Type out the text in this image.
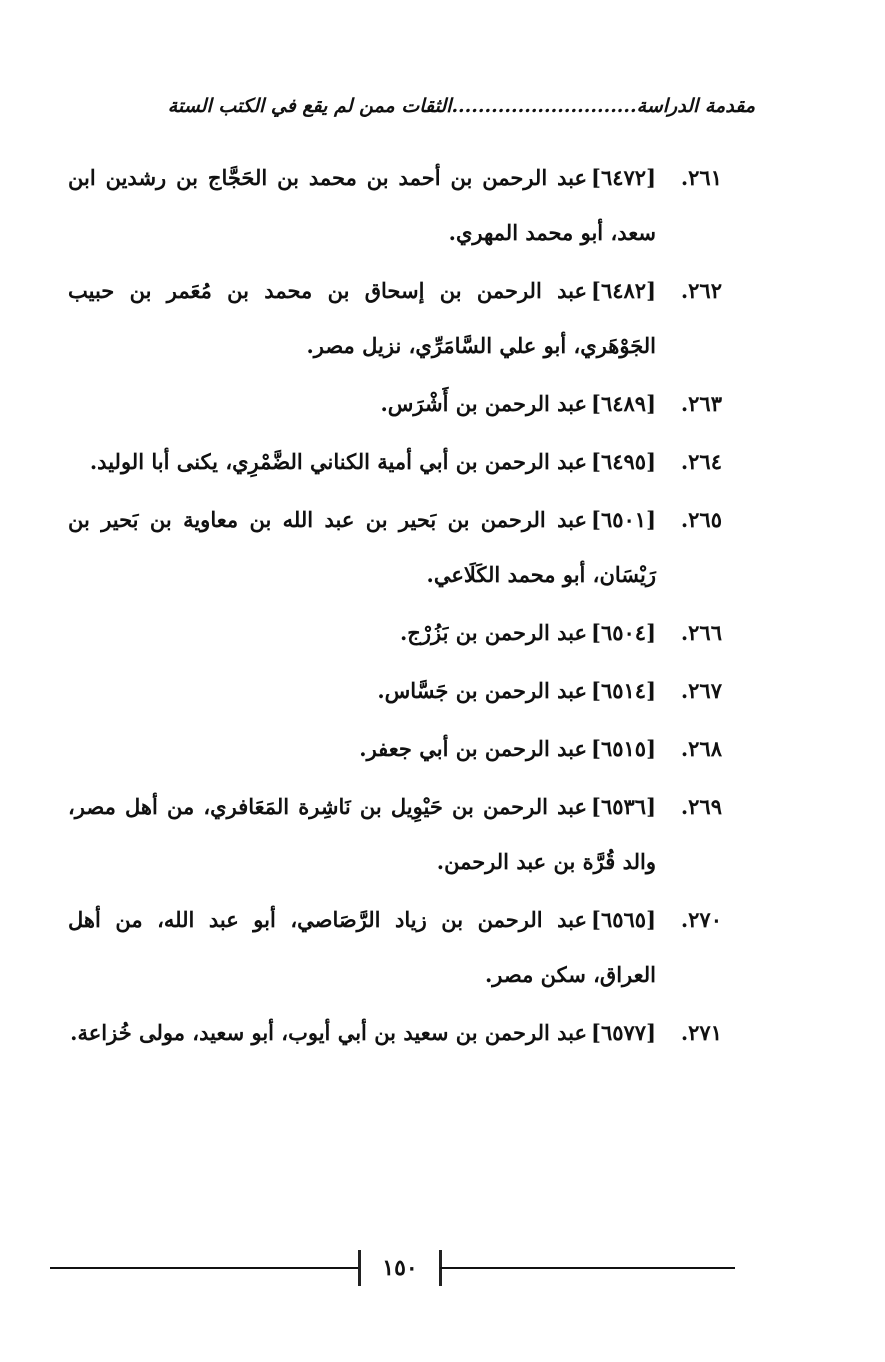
مقدمة الدراسة............................الثقات ممن لم يقع في الكتب الستة
٢٦١.
[٦٤٧٢]عبد الرحمن بن أحمد بن محمد بن الحَجَّاج بن رشدين ابن سعد، أبو محمد المهري.
٢٦٢.
[٦٤٨٢]عبد الرحمن بن إسحاق بن محمد بن مُعَمر بن حبيب الجَوْهَري، أبو علي السَّامَرِّي، نزيل مصر.
٢٦٣.
[٦٤٨٩]عبد الرحمن بن أَشْرَس.
٢٦٤.
[٦٤٩٥]عبد الرحمن بن أبي أمية الكناني الضَّمْرِي، يكنى أبا الوليد.
٢٦٥.
[٦٥٠١]عبد الرحمن بن بَحير بن عبد الله بن معاوية بن بَحير بن رَيْسَان، أبو محمد الكَلَاعي.
٢٦٦.
[٦٥٠٤]عبد الرحمن بن بَزُرْج.
٢٦٧.
[٦٥١٤]عبد الرحمن بن جَسَّاس.
٢٦٨.
[٦٥١٥]عبد الرحمن بن أبي جعفر.
٢٦٩.
[٦٥٣٦]عبد الرحمن بن حَيْوِيل بن نَاشِرة المَعَافري، من أهل مصر، والد قُرَّة بن عبد الرحمن.
٢٧٠.
[٦٥٦٥]عبد الرحمن بن زياد الرَّصَاصي، أبو عبد الله، من أهل العراق، سكن مصر.
٢٧١.
[٦٥٧٧]عبد الرحمن بن سعيد بن أبي أيوب، أبو سعيد، مولى خُزاعة.
١٥٠
